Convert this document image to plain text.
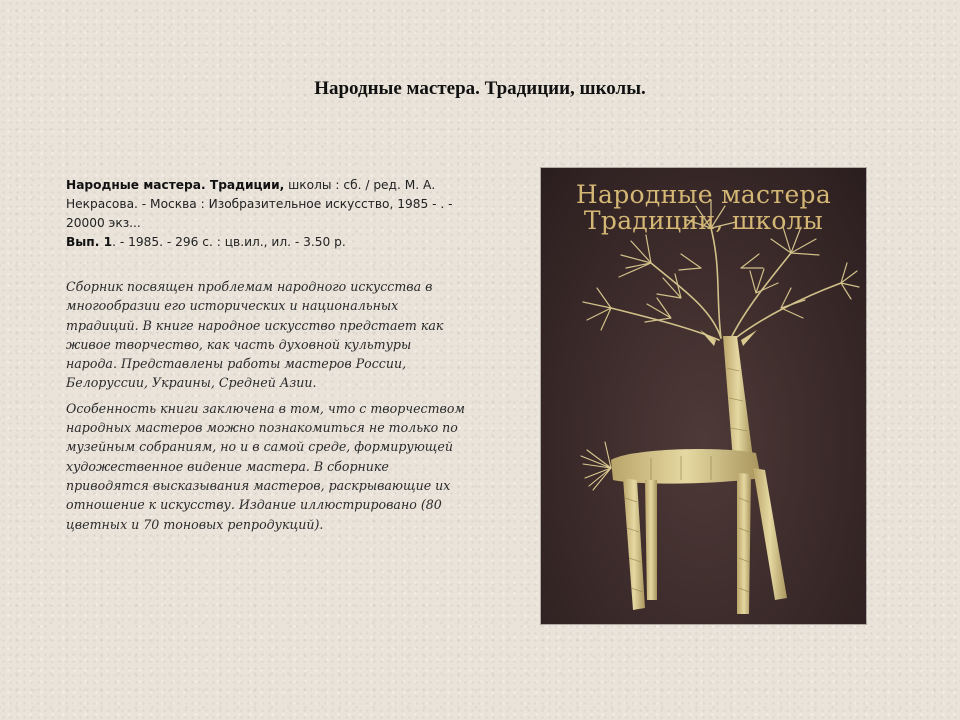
Народные мастера. Традиции, школы.
Народные мастера. Традиции, школы : сб. / ред. М. А. Некрасова. - Москва : Изобразительное искусство, 1985 - . - 20000 экз...
Вып. 1. - 1985. - 296 с. : цв.ил., ил. - 3.50 р.

Сборник посвящен проблемам народного искусства в многообразии его исторических и национальных традиций. В книге народное искусство предстает как живое творчество, как часть духовной культуры народа. Представлены работы мастеров России, Белоруссии, Украины, Средней Азии.

Особенность книги заключена в том, что с творчеством народных мастеров можно познакомиться не только по музейным собраниям, но и в самой среде, формирующей художественное видение мастера. В сборнике приводятся высказывания мастеров, раскрывающие их отношение к искусству. Издание иллюстрировано (80 цветных и 70 тоновых репродукций).

Народные мастера
Традиции, школы
